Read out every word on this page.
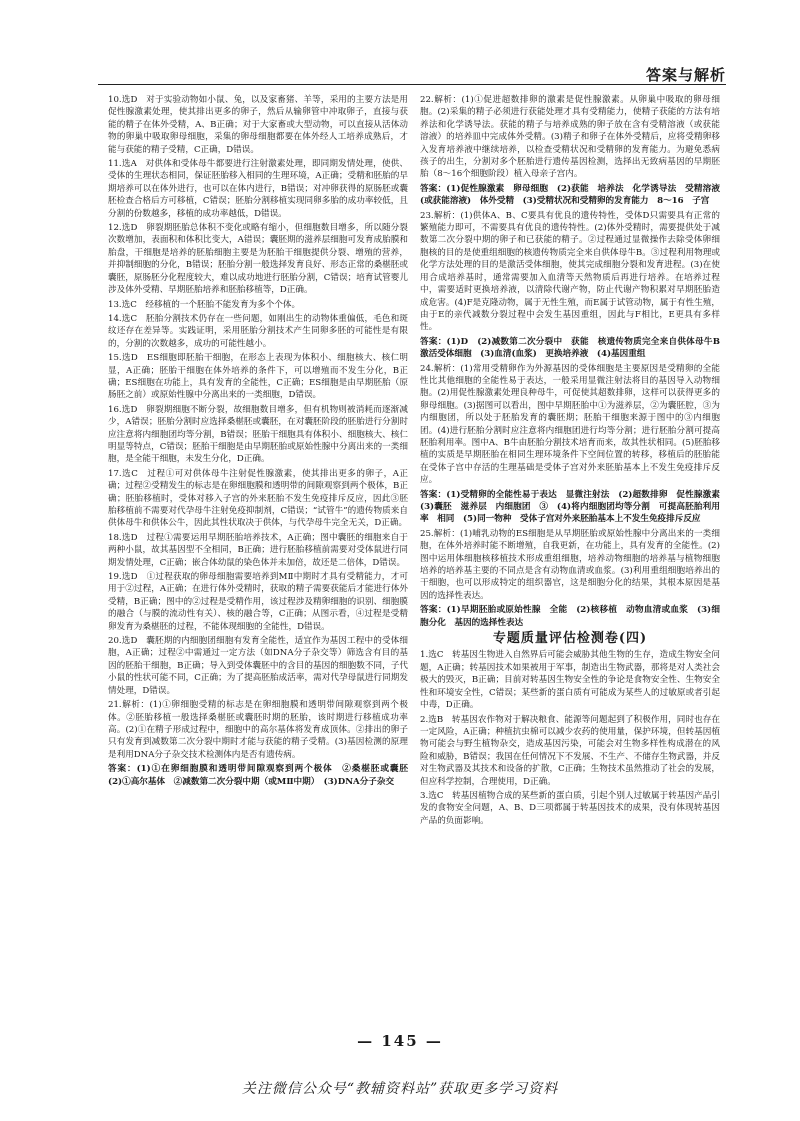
答案与解析

10.选D　对于实验动物如小鼠、兔，以及家畜猪、羊等，采用的主要方法是用促性腺激素处理，使其排出更多的卵子，然后从输卵管中冲取卵子，直接与获能的精子在体外受精，A、B正确；对于大家畜或大型动物，可以直接从活体动物的卵巢中吸取卵母细胞，采集的卵母细胞都要在体外经人工培养成熟后，才能与获能的精子受精，C正确，D错误。

11.选A　对供体和受体母牛都要进行注射激素处理，即同期发情处理，使供、受体的生理状态相同，保证胚胎移入相同的生理环境，A正确；受精和胚胎的早期培养可以在体外进行，也可以在体内进行，B错误；对冲卵获得的原肠胚或囊胚检查合格后方可移植，C错误；胚胎分割移植实现同卵多胎的成功率较低，且分割的份数越多，移植的成功率越低，D错误。

12.选D　卵裂期胚胎总体积不变化或略有缩小，但细胞数目增多，所以随分裂次数增加，表面积和体积比变大，A错误；囊胚期的滋养层细胞可发育成胎膜和胎盘，干细胞是培养的胚胎细胞主要是为胚胎干细胞提供分裂、增殖的营养，并抑制细胞的分化，B错误；胚胎分割一般选择发育良好、形态正常的桑椹胚或囊胚，原肠胚分化程度较大，难以成功地进行胚胎分割，C错误；培育试管婴儿涉及体外受精、早期胚胎培养和胚胎移植等，D正确。

13.选C　经移植的一个胚胎不能发育为多个个体。

14.选C　胚胎分割技术仍存在一些问题，如刚出生的动物体重偏低，毛色和斑纹还存在差异等。实践证明，采用胚胎分割技术产生同卵多胚的可能性是有限的，分割的次数越多，成功的可能性越小。

15.选D　ES细胞即胚胎干细胞，在形态上表现为体积小、细胞核大、核仁明显，A正确；胚胎干细胞在体外培养的条件下，可以增殖而不发生分化，B正确；ES细胞在功能上，具有发育的全能性，C正确；ES细胞是由早期胚胎（原肠胚之前）或原始性腺中分离出来的一类细胞，D错误。

16.选D　卵裂期细胞不断分裂，故细胞数目增多，但有机物则被消耗而逐渐减少，A错误；胚胎分割时应选择桑椹胚或囊胚，在对囊胚阶段的胚胎进行分割时应注意将内细胞团均等分割，B错误；胚胎干细胞具有体积小、细胞核大、核仁明显等特点，C错误；胚胎干细胞是由早期胚胎或原始性腺中分离出来的一类细胞，是全能干细胞，未发生分化，D正确。

17.选C　过程①可对供体母牛注射促性腺激素，使其排出更多的卵子，A正确；过程②受精发生的标志是在卵细胞膜和透明带的间隙观察到两个极体，B正确；胚胎移植时，受体对移入子宫的外来胚胎不发生免疫排斥反应，因此③胚胎移植前不需要对代孕母牛注射免疫抑制剂，C错误；“试管牛”的遗传物质来自供体母牛和供体公牛，因此其性状取决于供体，与代孕母牛完全无关，D正确。

18.选D　过程①需要运用早期胚胎培养技术，A正确；图中囊胚的细胞来自于两种小鼠，故其基因型不全相同，B正确；进行胚胎移植前需要对受体鼠进行同期发情处理，C正确；嵌合体幼鼠的染色体并未加倍，故还是二倍体，D错误。

19.选D　①过程获取的卵母细胞需要培养到MⅡ中期时才具有受精能力，才可用于②过程，A正确；在进行体外受精时，获取的精子需要获能后才能进行体外受精，B正确；图中的②过程是受精作用，该过程涉及精卵细胞的识别、细胞膜的融合（与膜的流动性有关）、核的融合等，C正确；从图示看，④过程是受精卵发育为桑椹胚的过程，不能体现细胞的全能性，D错误。

20.选D　囊胚期的内细胞团细胞有发育全能性，适宜作为基因工程中的受体细胞，A正确；过程②中需通过一定方法（如DNA分子杂交等）筛选含有目的基因的胚胎干细胞，B正确；导入到受体囊胚中的含目的基因的细胞数不同，子代小鼠的性状可能不同，C正确；为了提高胚胎成活率，需对代孕母鼠进行同期发情处理，D错误。

21.解析：(1)①卵细胞受精的标志是在卵细胞膜和透明带间隙观察到两个极体。②胚胎移植一般选择桑椹胚或囊胚时期的胚胎，该时期进行移植成功率高。(2)①在精子形成过程中，细胞中的高尔基体将发育成顶体。②排出的卵子只有发育到减数第二次分裂中期时才能与获能的精子受精。(3)基因检测的原理是利用DNA分子杂交技术检测体内是否有遗传病。

答案：(1)①在卵细胞膜和透明带间隙观察到两个极体　②桑椹胚或囊胚　(2)①高尔基体　②减数第二次分裂中期（或MⅡ中期）　(3)DNA分子杂交

22.解析：(1)①促进超数排卵的激素是促性腺激素。从卵巢中吸取的卵母细胞。(2)采集的精子必须进行获能处理才具有受精能力，使精子获能的方法有培养法和化学诱导法。获能的精子与培养成熟的卵子放在含有受精溶液（或获能溶液）的培养皿中完成体外受精。(3)精子和卵子在体外受精后，应将受精卵移入发育培养液中继续培养，以检查受精状况和受精卵的发育能力。为避免悉病孩子的出生，分割对多个胚胎进行遗传基因检测，选择出无致病基因的早期胚胎（8～16个细胞阶段）植入母亲子宫内。

答案：(1)促性腺激素　卵母细胞　(2)获能　培养法　化学诱导法　受精溶液(或获能溶液)　体外受精　(3)受精状况和受精卵的发育能力　8～16　子宫

23.解析：(1)供体A、B、C要具有优良的遗传特性，受体D只需要具有正常的繁殖能力即可，不需要具有优良的遗传特性。(2)体外受精时，需要提供处于减数第二次分裂中期的卵子和已获能的精子。②过程通过显微操作去除受体卵细胞核的目的是使重组细胞的核遗传物质完全来自供体母牛B。③过程利用物理或化学方法处理的目的是激活受体细胞，使其完成细胞分裂和发育进程。(3)在使用合成培养基时，通常需要加入血清等天然物质后再进行培养。在培养过程中，需要适时更换培养液，以清除代谢产物，防止代谢产物积累对早期胚胎造成危害。(4)F是克隆动物，属于无性生殖，而E属于试管动物，属于有性生殖，由于E的亲代减数分裂过程中会发生基因重组，因此与F相比，E更具有多样性。

答案：(1)D　(2)减数第二次分裂中　获能　核遗传物质完全来自供体母牛B　激活受体细胞　(3)血清(血浆)　更换培养液　(4)基因重组

24.解析：(1)常用受精卵作为外源基因的受体细胞是主要原因是受精卵的全能性比其他细胞的全能性易于表达，一般采用显微注射法将目的基因导入动物细胞。(2)用促性腺激素处理良种母牛，可促使其超数排卵，这样可以获得更多的卵母细胞。(3)据图可以看出，图中早期胚胎中①为滋养层，②为囊胚腔，③为内细胞团，所以处于胚胎发育的囊胚期；胚胎干细胞来源于图中的③内细胞团。(4)进行胚胎分割时应注意将内细胞团进行均等分割；进行胚胎分割可提高胚胎利用率。图中A、B牛由胚胎分割技术培育而来，故其性状相同。(5)胚胎移植的实质是早期胚胎在相同生理环境条件下空间位置的转移，移植后的胚胎能在受体子宫中存活的生理基础是受体子宫对外来胚胎基本上不发生免疫排斥反应。

答案：(1)受精卵的全能性易于表达　显微注射法　(2)超数排卵　促性腺激素　(3)囊胚　滋养层　内细胞团　③　(4)将内细胞团均等分割　可提高胚胎利用率　相同　(5)同一物种　受体子宫对外来胚胎基本上不发生免疫排斥反应

25.解析：(1)哺乳动物的ES细胞是从早期胚胎或原始性腺中分离出来的一类细胞，在体外培养时能不断增殖，自我更新，在功能上，具有发育的全能性。(2)图中运用体细胞核移植技术形成重组细胞，培养动物细胞的培养基与植物细胞培养的培养基主要的不同点是含有动物血清或血浆。(3)利用重组细胞培养出的干细胞，也可以形成特定的组织器官，这是细胞分化的结果，其根本原因是基因的选择性表达。

答案：(1)早期胚胎或原始性腺　全能　(2)核移植　动物血清或血浆　(3)细胞分化　基因的选择性表达

专题质量评估检测卷(四)

1.选C　转基因生物进入自然界后可能会威胁其他生物的生存，造成生物安全问题，A正确；转基因技术如果被用于军事，制造出生物武器，那将是对人类社会极大的毁灭，B正确；目前对转基因生物安全性的争论是食物安全性、生物安全性和环境安全性，C错误；某些新的蛋白质有可能成为某些人的过敏原或者引起中毒，D正确。

2.选B　转基因农作物对于解决粮食、能源等问题起到了积极作用，同时也存在一定风险，A正确；种植抗虫棉可以减少农药的使用量，保护环境，但转基因植物可能会与野生植物杂交，造成基因污染，可能会对生物多样性构成潜在的风险和威胁，B错误；我国在任何情况下不发展、不生产、不储存生物武器，并反对生物武器及其技术和设备的扩散，C正确；生物技术虽然推动了社会的发展，但应科学控制，合理使用，D正确。

3.选C　转基因植物合成的某些新的蛋白质，引起个别人过敏属于转基因产品引发的食物安全问题，A、B、D三项都属于转基因技术的成果，没有体现转基因产品的负面影响。

— 145 —
关注微信公众号“教辅资料站”获取更多学习资料
